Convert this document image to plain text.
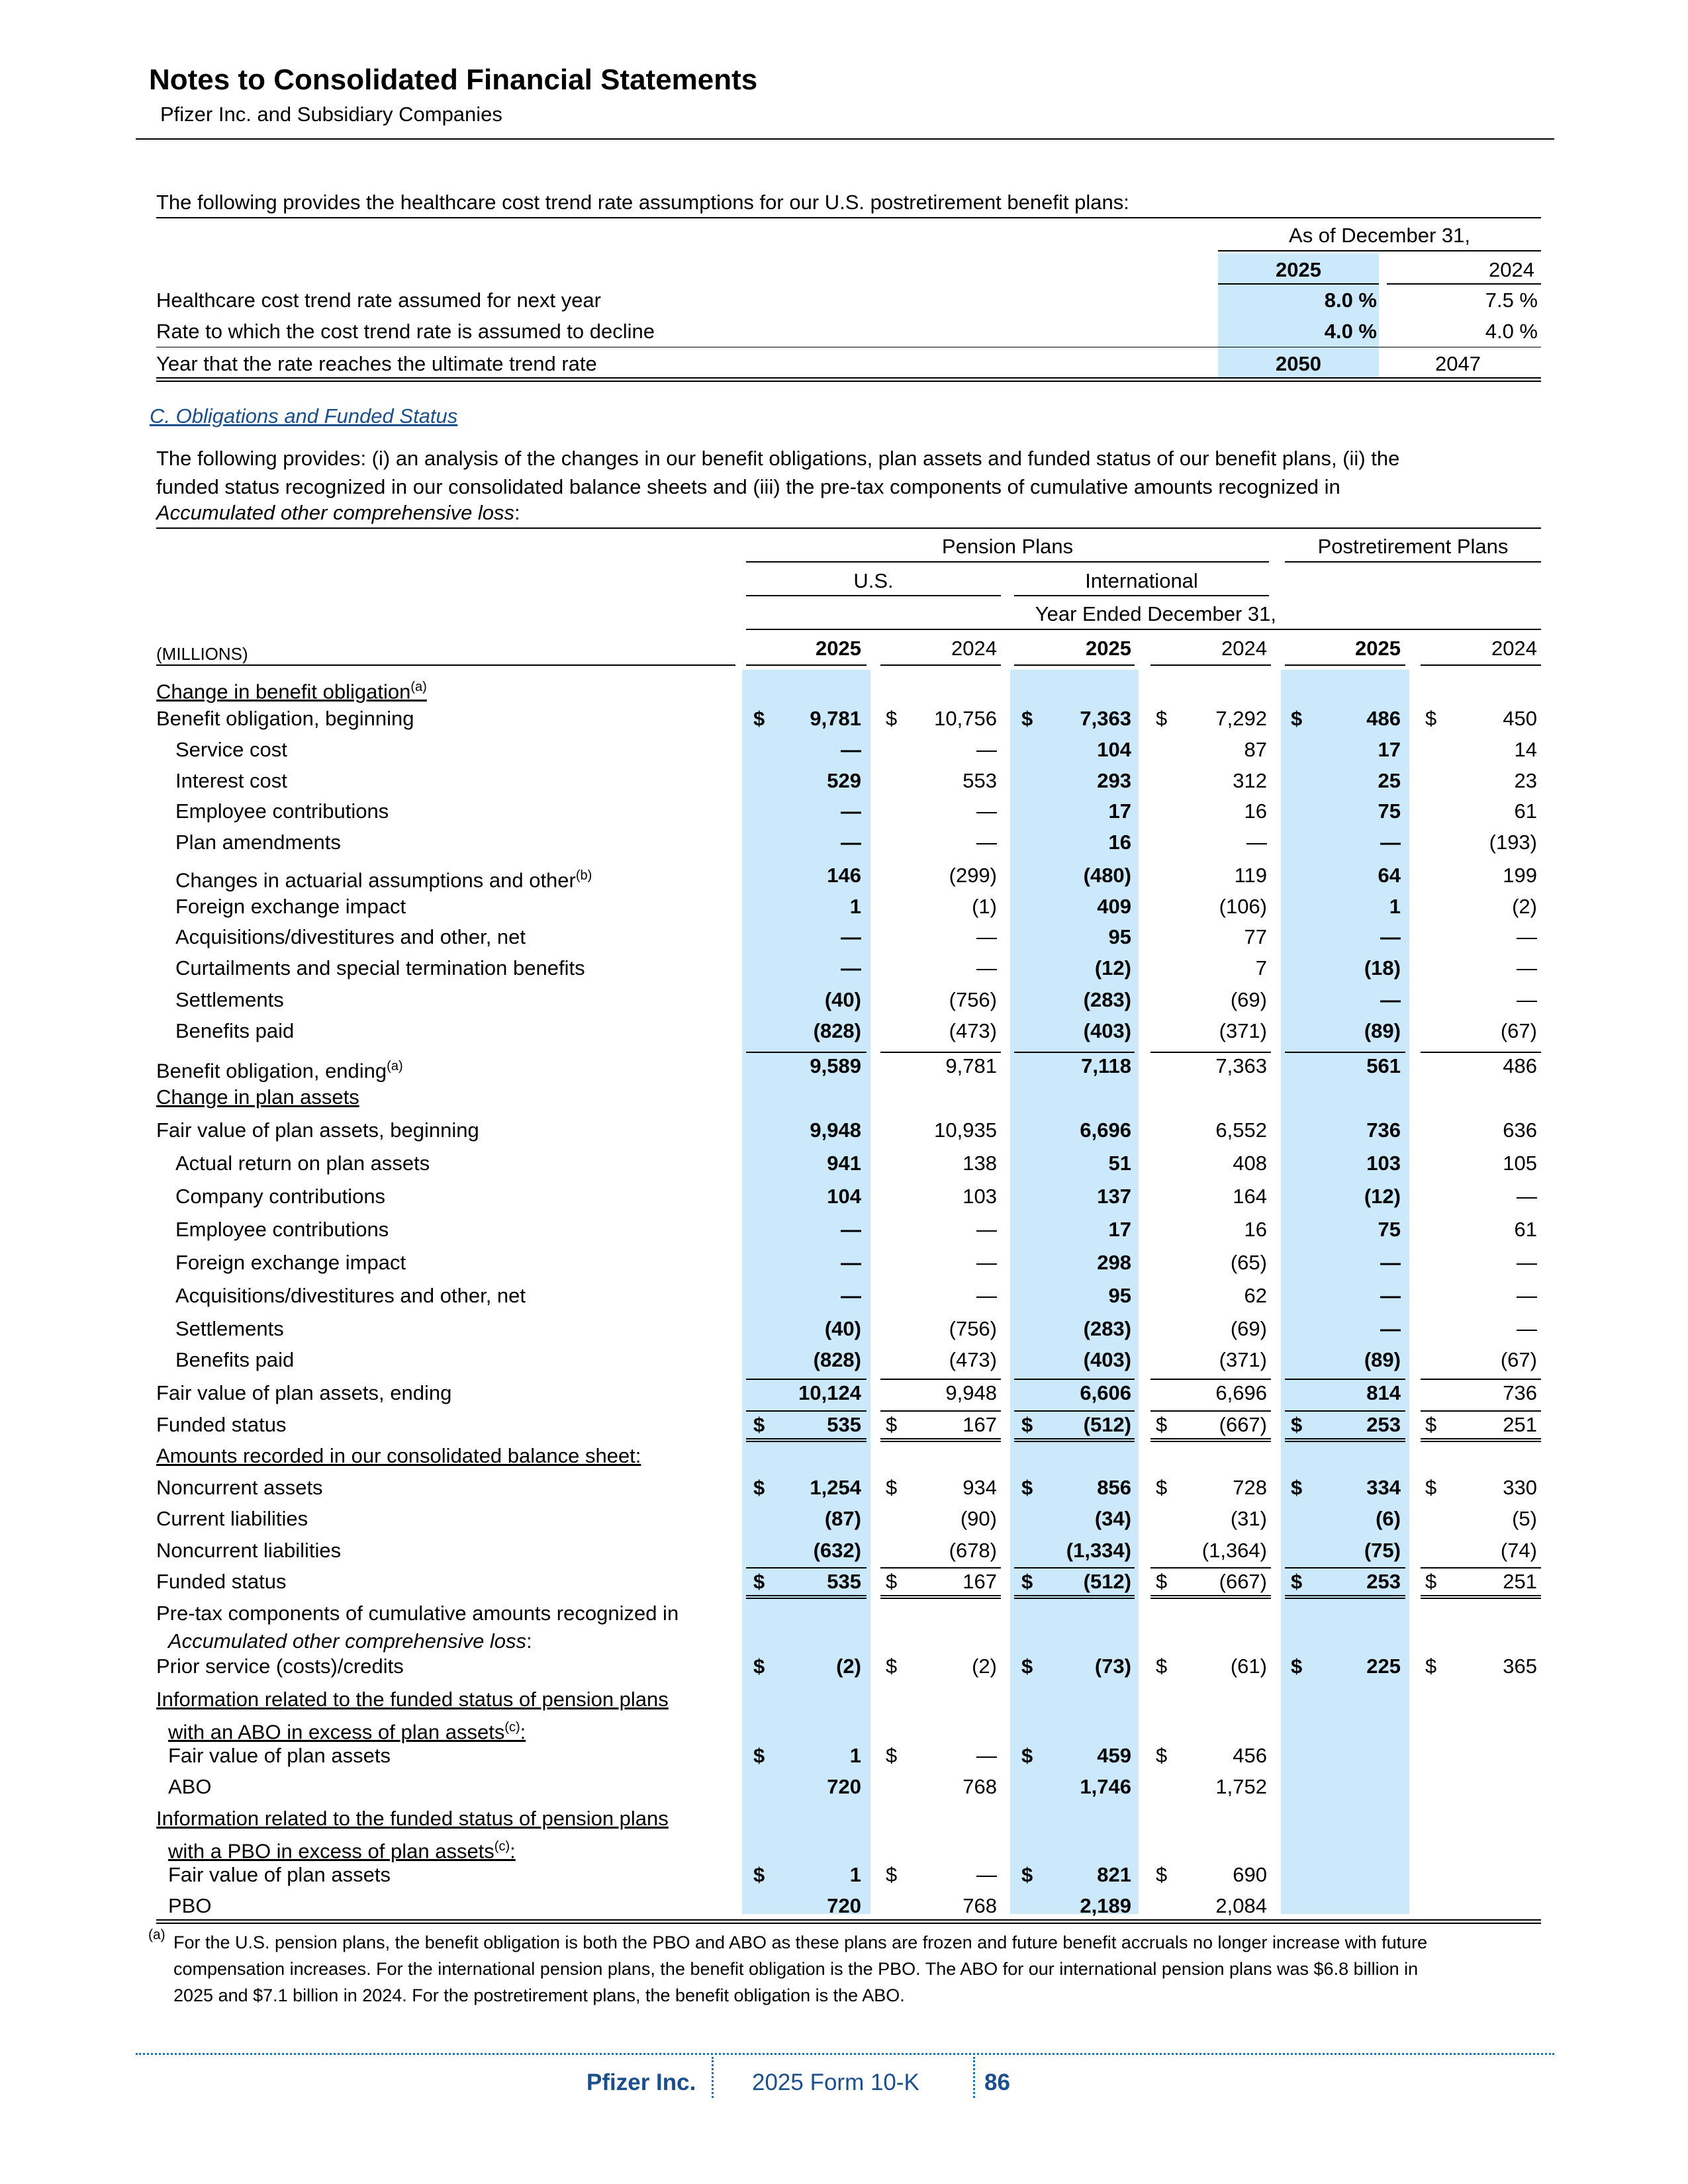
Notes to Consolidated Financial Statements
Pfizer Inc. and Subsidiary Companies
The following provides the healthcare cost trend rate assumptions for our U.S. postretirement benefit plans:
As of December 31,
2025	2024
Healthcare cost trend rate assumed for next year	8.0 %	7.5 %
Rate to which the cost trend rate is assumed to decline	4.0 %	4.0 %
Year that the rate reaches the ultimate trend rate	2050	2047
C. Obligations and Funded Status
The following provides: (i) an analysis of the changes in our benefit obligations, plan assets and funded status of our benefit plans, (ii) the
funded status recognized in our consolidated balance sheets and (iii) the pre-tax components of cumulative amounts recognized in
Accumulated other comprehensive loss:
Pension Plans	Postretirement Plans
U.S.	International
Year Ended December 31,
(MILLIONS)	2025	2024	2025	2024	2025	2024
Change in benefit obligation$^{(a)}$
Benefit obligation, beginning	$	9,781 $	10,756 $	7,363 $	7,292 $	486 $	450
Service cost	—	—	104	87	17	14
Interest cost	529	553	293	312	25	23
Employee contributions	—	—	17	16	75	61
Plan amendments	—	—	16	—	—	(193)
Changes in actuarial assumptions and other$^{(b)}$	146	(299)	(480)	119	64	199
Foreign exchange impact	1	(1)	409	(106)	1	(2)
Acquisitions/divestitures and other, net	—	—	95	77	—	—
Curtailments and special termination benefits	—	—	(12)	7	(18)	—
Settlements	(40)	(756)	(283)	(69)	—	—
Benefits paid	(828)	(473)	(403)	(371)	(89)	(67)
Benefit obligation, ending$^{(a)}$	9,589	9,781	7,118	7,363	561	486
Change in plan assets
Fair value of plan assets, beginning	9,948	10,935	6,696	6,552	736	636
Actual return on plan assets	941	138	51	408	103	105
Company contributions	104	103	137	164	(12)	—
Employee contributions	—	—	17	16	75	61
Foreign exchange impact	—	—	298	(65)	—	—
Acquisitions/divestitures and other, net	—	—	95	62	—	—
Settlements	(40)	(756)	(283)	(69)	—	—
Benefits paid	(828)	(473)	(403)	(371)	(89)	(67)
Fair value of plan assets, ending	10,124	9,948	6,606	6,696	814	736
Funded status	$	535 $	167 $	(512) $	(667) $	253 $	251
Amounts recorded in our consolidated balance sheet:
Noncurrent assets	$	1,254 $	934 $	856 $	728 $	334 $	330
Current liabilities	(87)	(90)	(34)	(31)	(6)	(5)
Noncurrent liabilities	(632)	(678)	(1,334)	(1,364)	(75)	(74)
Funded status	$	535 $	167 $	(512) $	(667) $	253 $	251
Pre-tax components of cumulative amounts recognized in
Accumulated other comprehensive loss:
Prior service (costs)/credits	$	(2) $	(2) $	(73) $	(61) $	225 $	365
Information related to the funded status of pension plans
with an ABO in excess of plan assets$^{(c)}$:
Fair value of plan assets	$	1 $	— $	459 $	456
ABO	720	768	1,746	1,752
Information related to the funded status of pension plans
with a PBO in excess of plan assets$^{(c)}$:
Fair value of plan assets	$	1 $	— $	821 $	690
PBO	720	768	2,189	2,084
(a) For the U.S. pension plans, the benefit obligation is both the PBO and ABO as these plans are frozen and future benefit accruals no longer increase with future
compensation increases. For the international pension plans, the benefit obligation is the PBO. The ABO for our international pension plans was $6.8 billion in
2025 and $7.1 billion in 2024. For the postretirement plans, the benefit obligation is the ABO.
Pfizer Inc. 2025 Form 10-K	86
